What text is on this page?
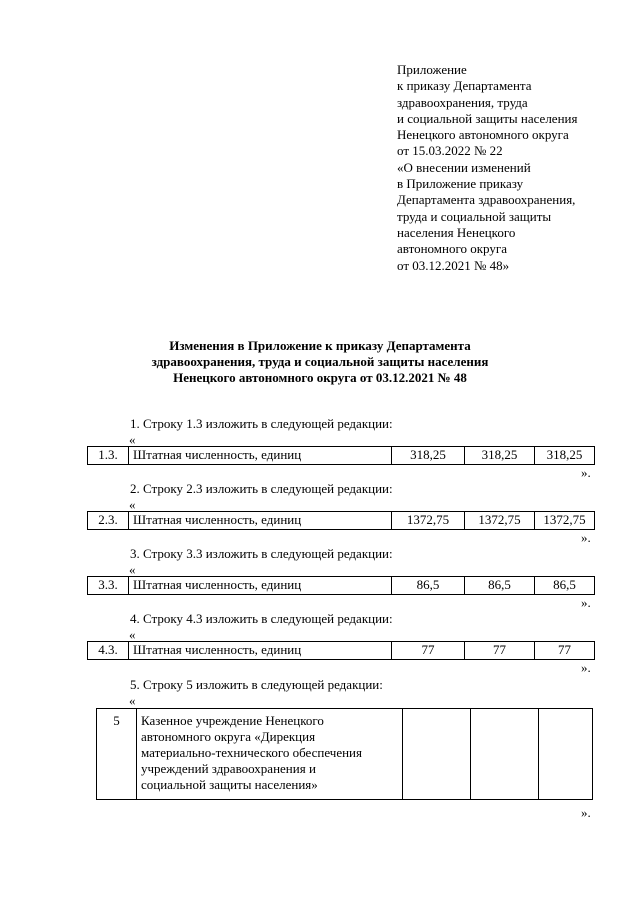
Приложение
к приказу Департамента
здравоохранения, труда
и социальной защиты населения
Ненецкого автономного округа
от 15.03.2022 № 22
«О внесении изменений
в Приложение приказу
Департамента здравоохранения,
труда и социальной защиты
населения Ненецкого
автономного округа
от 03.12.2021 № 48»
Изменения в Приложение к приказу Департамента
здравоохранения, труда и социальной защиты населения
Ненецкого автономного округа от 03.12.2021 № 48
1. Строку 1.3 изложить в следующей редакции:
«
1.3.	Штатная численность, единиц	318,25	318,25	318,25
».
2. Строку 2.3 изложить в следующей редакции:
«
2.3.	Штатная численность, единиц	1372,75	1372,75	1372,75
».
3. Строку 3.3 изложить в следующей редакции:
«
3.3.	Штатная численность, единиц	86,5	86,5	86,5
».
4. Строку 4.3 изложить в следующей редакции:
«
4.3.	Штатная численность, единиц	77	77	77
».
5. Строку 5 изложить в следующей редакции:
«
5	Казенное учреждение Ненецкого
автономного округа «Дирекция
материально-технического обеспечения
учреждений здравоохранения и
социальной защиты населения»

».
